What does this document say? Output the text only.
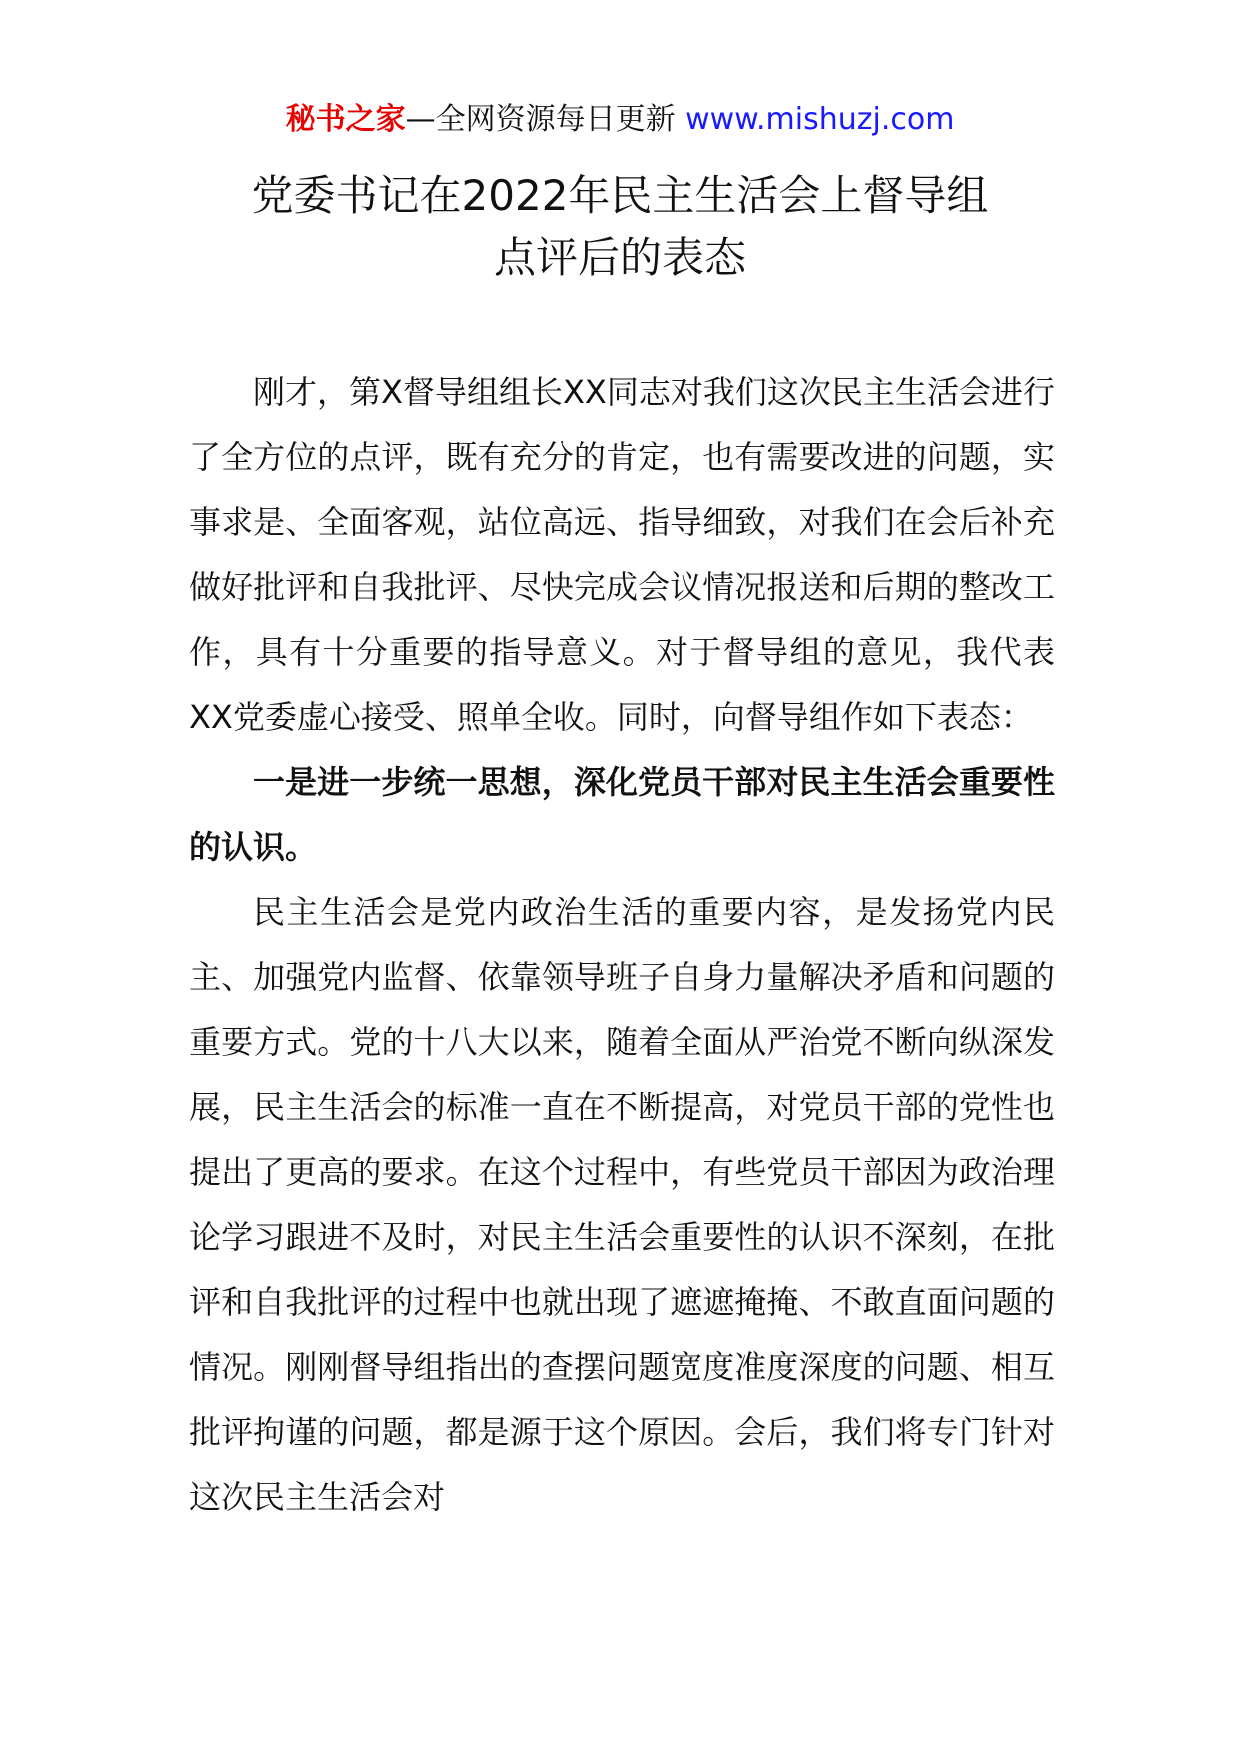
秘书之家—全网资源每日更新 www.mishuzj.com
党委书记在2022年民主生活会上督导组
点评后的表态

刚才，第X督导组组长XX同志对我们这次民主生活会进行了全方位的点评，既有充分的肯定，也有需要改进的问题，实事求是、全面客观，站位高远、指导细致，对我们在会后补充做好批评和自我批评、尽快完成会议情况报送和后期的整改工作，具有十分重要的指导意义。对于督导组的意见，我代表XX党委虚心接受、照单全收。同时，向督导组作如下表态：

一是进一步统一思想，深化党员干部对民主生活会重要性的认识。

民主生活会是党内政治生活的重要内容，是发扬党内民主、加强党内监督、依靠领导班子自身力量解决矛盾和问题的重要方式。党的十八大以来，随着全面从严治党不断向纵深发展，民主生活会的标准一直在不断提高，对党员干部的党性也提出了更高的要求。在这个过程中，有些党员干部因为政治理论学习跟进不及时，对民主生活会重要性的认识不深刻，在批评和自我批评的过程中也就出现了遮遮掩掩、不敢直面问题的情况。刚刚督导组指出的查摆问题宽度准度深度的问题、相互批评拘谨的问题，都是源于这个原因。会后，我们将专门针对这次民主生活会对
